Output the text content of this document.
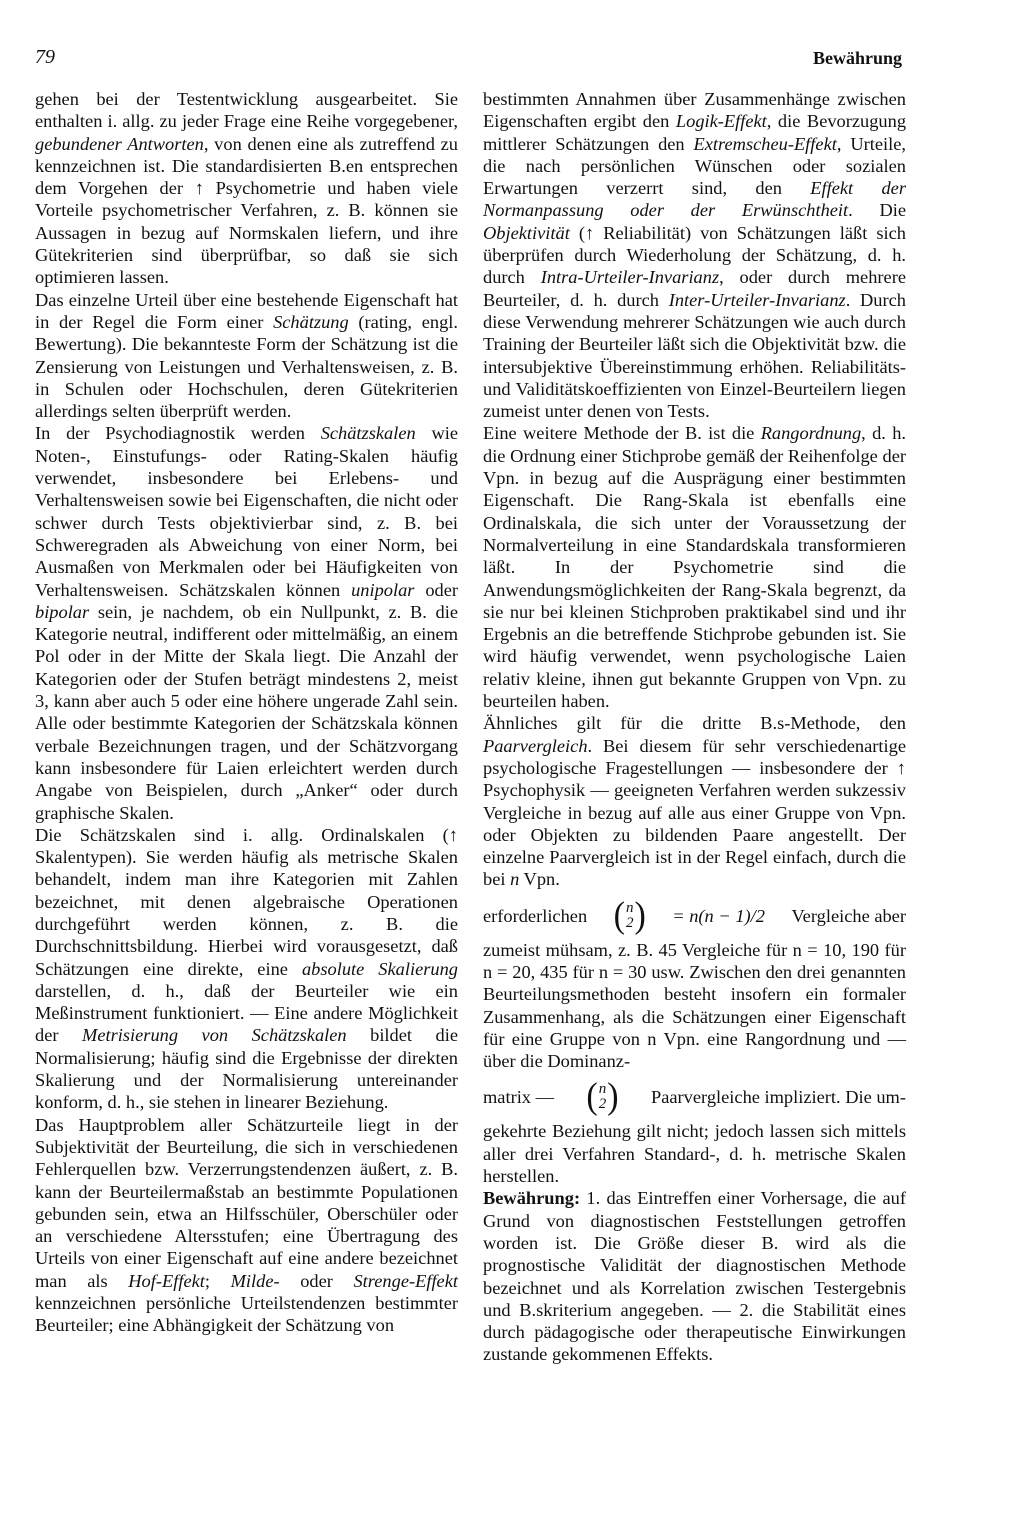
79	Bewährung

gehen bei der Testentwicklung ausgearbeitet. Sie enthalten i. allg. zu jeder Frage eine Reihe vorgegebener, gebundener Antworten, von denen eine als zutreffend zu kennzeichnen ist. Die standardisierten B.en entsprechen dem Vorgehen der ↑ Psychometrie und haben viele Vorteile psychometrischer Verfahren, z. B. können sie Aussagen in bezug auf Normskalen liefern, und ihre Gütekriterien sind überprüfbar, so daß sie sich optimieren lassen.

Das einzelne Urteil über eine bestehende Eigenschaft hat in der Regel die Form einer Schätzung (rating, engl. Bewertung). Die bekannteste Form der Schätzung ist die Zensierung von Leistungen und Verhaltensweisen, z. B. in Schulen oder Hochschulen, deren Gütekriterien allerdings selten überprüft werden.

In der Psychodiagnostik werden Schätzskalen wie Noten-, Einstufungs- oder Rating-Skalen häufig verwendet, insbesondere bei Erlebens- und Verhaltensweisen sowie bei Eigenschaften, die nicht oder schwer durch Tests objektivierbar sind, z. B. bei Schweregraden als Abweichung von einer Norm, bei Ausmaßen von Merkmalen oder bei Häufigkeiten von Verhaltensweisen. Schätzskalen können unipolar oder bipolar sein, je nachdem, ob ein Nullpunkt, z. B. die Kategorie neutral, indifferent oder mittelmäßig, an einem Pol oder in der Mitte der Skala liegt. Die Anzahl der Kategorien oder der Stufen beträgt mindestens 2, meist 3, kann aber auch 5 oder eine höhere ungerade Zahl sein. Alle oder bestimmte Kategorien der Schätzskala können verbale Bezeichnungen tragen, und der Schätzvorgang kann insbesondere für Laien erleichtert werden durch Angabe von Beispielen, durch „Anker“ oder durch graphische Skalen.

Die Schätzskalen sind i. allg. Ordinalskalen (↑ Skalentypen). Sie werden häufig als metrische Skalen behandelt, indem man ihre Kategorien mit Zahlen bezeichnet, mit denen algebraische Operationen durchgeführt werden können, z. B. die Durchschnittsbildung. Hierbei wird vorausgesetzt, daß Schätzungen eine direkte, eine absolute Skalierung darstellen, d. h., daß der Beurteiler wie ein Meßinstrument funktioniert. — Eine andere Möglichkeit der Metrisierung von Schätzskalen bildet die Normalisierung; häufig sind die Ergebnisse der direkten Skalierung und der Normalisierung untereinander konform, d. h., sie stehen in linearer Beziehung.

Das Hauptproblem aller Schätzurteile liegt in der Subjektivität der Beurteilung, die sich in verschiedenen Fehlerquellen bzw. Verzerrungstendenzen äußert, z. B. kann der Beurteilermaßstab an bestimmte Populationen gebunden sein, etwa an Hilfsschüler, Oberschüler oder an verschiedene Altersstufen; eine Übertragung des Urteils von einer Eigenschaft auf eine andere bezeichnet man als Hof-Effekt; Milde- oder Strenge-Effekt kennzeichnen persönliche Urteilstendenzen bestimmter Beurteiler; eine Abhängigkeit der Schätzung von

bestimmten Annahmen über Zusammenhänge zwischen Eigenschaften ergibt den Logik-Effekt, die Bevorzugung mittlerer Schätzungen den Extremscheu-Effekt, Urteile, die nach persönlichen Wünschen oder sozialen Erwartungen verzerrt sind, den Effekt der Normanpassung oder der Erwünschtheit. Die Objektivität (↑ Reliabilität) von Schätzungen läßt sich überprüfen durch Wiederholung der Schätzung, d. h. durch Intra-Urteiler-Invarianz, oder durch mehrere Beurteiler, d. h. durch Inter-Urteiler-Invarianz. Durch diese Verwendung mehrerer Schätzungen wie auch durch Training der Beurteiler läßt sich die Objektivität bzw. die intersubjektive Übereinstimmung erhöhen. Reliabilitäts- und Validitätskoeffizienten von Einzel-Beurteilern liegen zumeist unter denen von Tests.

Eine weitere Methode der B. ist die Rangordnung, d. h. die Ordnung einer Stichprobe gemäß der Reihenfolge der Vpn. in bezug auf die Ausprägung einer bestimmten Eigenschaft. Die Rang-Skala ist ebenfalls eine Ordinalskala, die sich unter der Voraussetzung der Normalverteilung in eine Standardskala transformieren läßt. In der Psychometrie sind die Anwendungsmöglichkeiten der Rang-Skala begrenzt, da sie nur bei kleinen Stichproben praktikabel sind und ihr Ergebnis an die betreffende Stichprobe gebunden ist. Sie wird häufig verwendet, wenn psychologische Laien relativ kleine, ihnen gut bekannte Gruppen von Vpn. zu beurteilen haben.

Ähnliches gilt für die dritte B.s-Methode, den Paarvergleich. Bei diesem für sehr verschiedenartige psychologische Fragestellungen — insbesondere der ↑ Psychophysik — geeigneten Verfahren werden sukzessiv Vergleiche in bezug auf alle aus einer Gruppe von Vpn. oder Objekten zu bildenden Paare angestellt. Der einzelne Paarvergleich ist in der Regel einfach, durch die bei n Vpn.

erforderlichen ( n
2 ) = n(n − 1)/2 Vergleiche aber

zumeist mühsam, z. B. 45 Vergleiche für n = 10, 190 für n = 20, 435 für n = 30 usw. Zwischen den drei genannten Beurteilungsmethoden besteht insofern ein formaler Zusammenhang, als die Schätzungen einer Eigenschaft für eine Gruppe von n Vpn. eine Rangordnung und — über die Dominanz-

matrix — ( n
2 ) Paarvergleiche impliziert. Die um-

gekehrte Beziehung gilt nicht; jedoch lassen sich mittels aller drei Verfahren Standard-, d. h. metrische Skalen herstellen.

Bewährung: 1. das Eintreffen einer Vorhersage, die auf Grund von diagnostischen Feststellungen getroffen worden ist. Die Größe dieser B. wird als die prognostische Validität der diagnostischen Methode bezeichnet und als Korrelation zwischen Testergebnis und B.skriterium angegeben. — 2. die Stabilität eines durch pädagogische oder therapeutische Einwirkungen zustande gekommenen Effekts.
